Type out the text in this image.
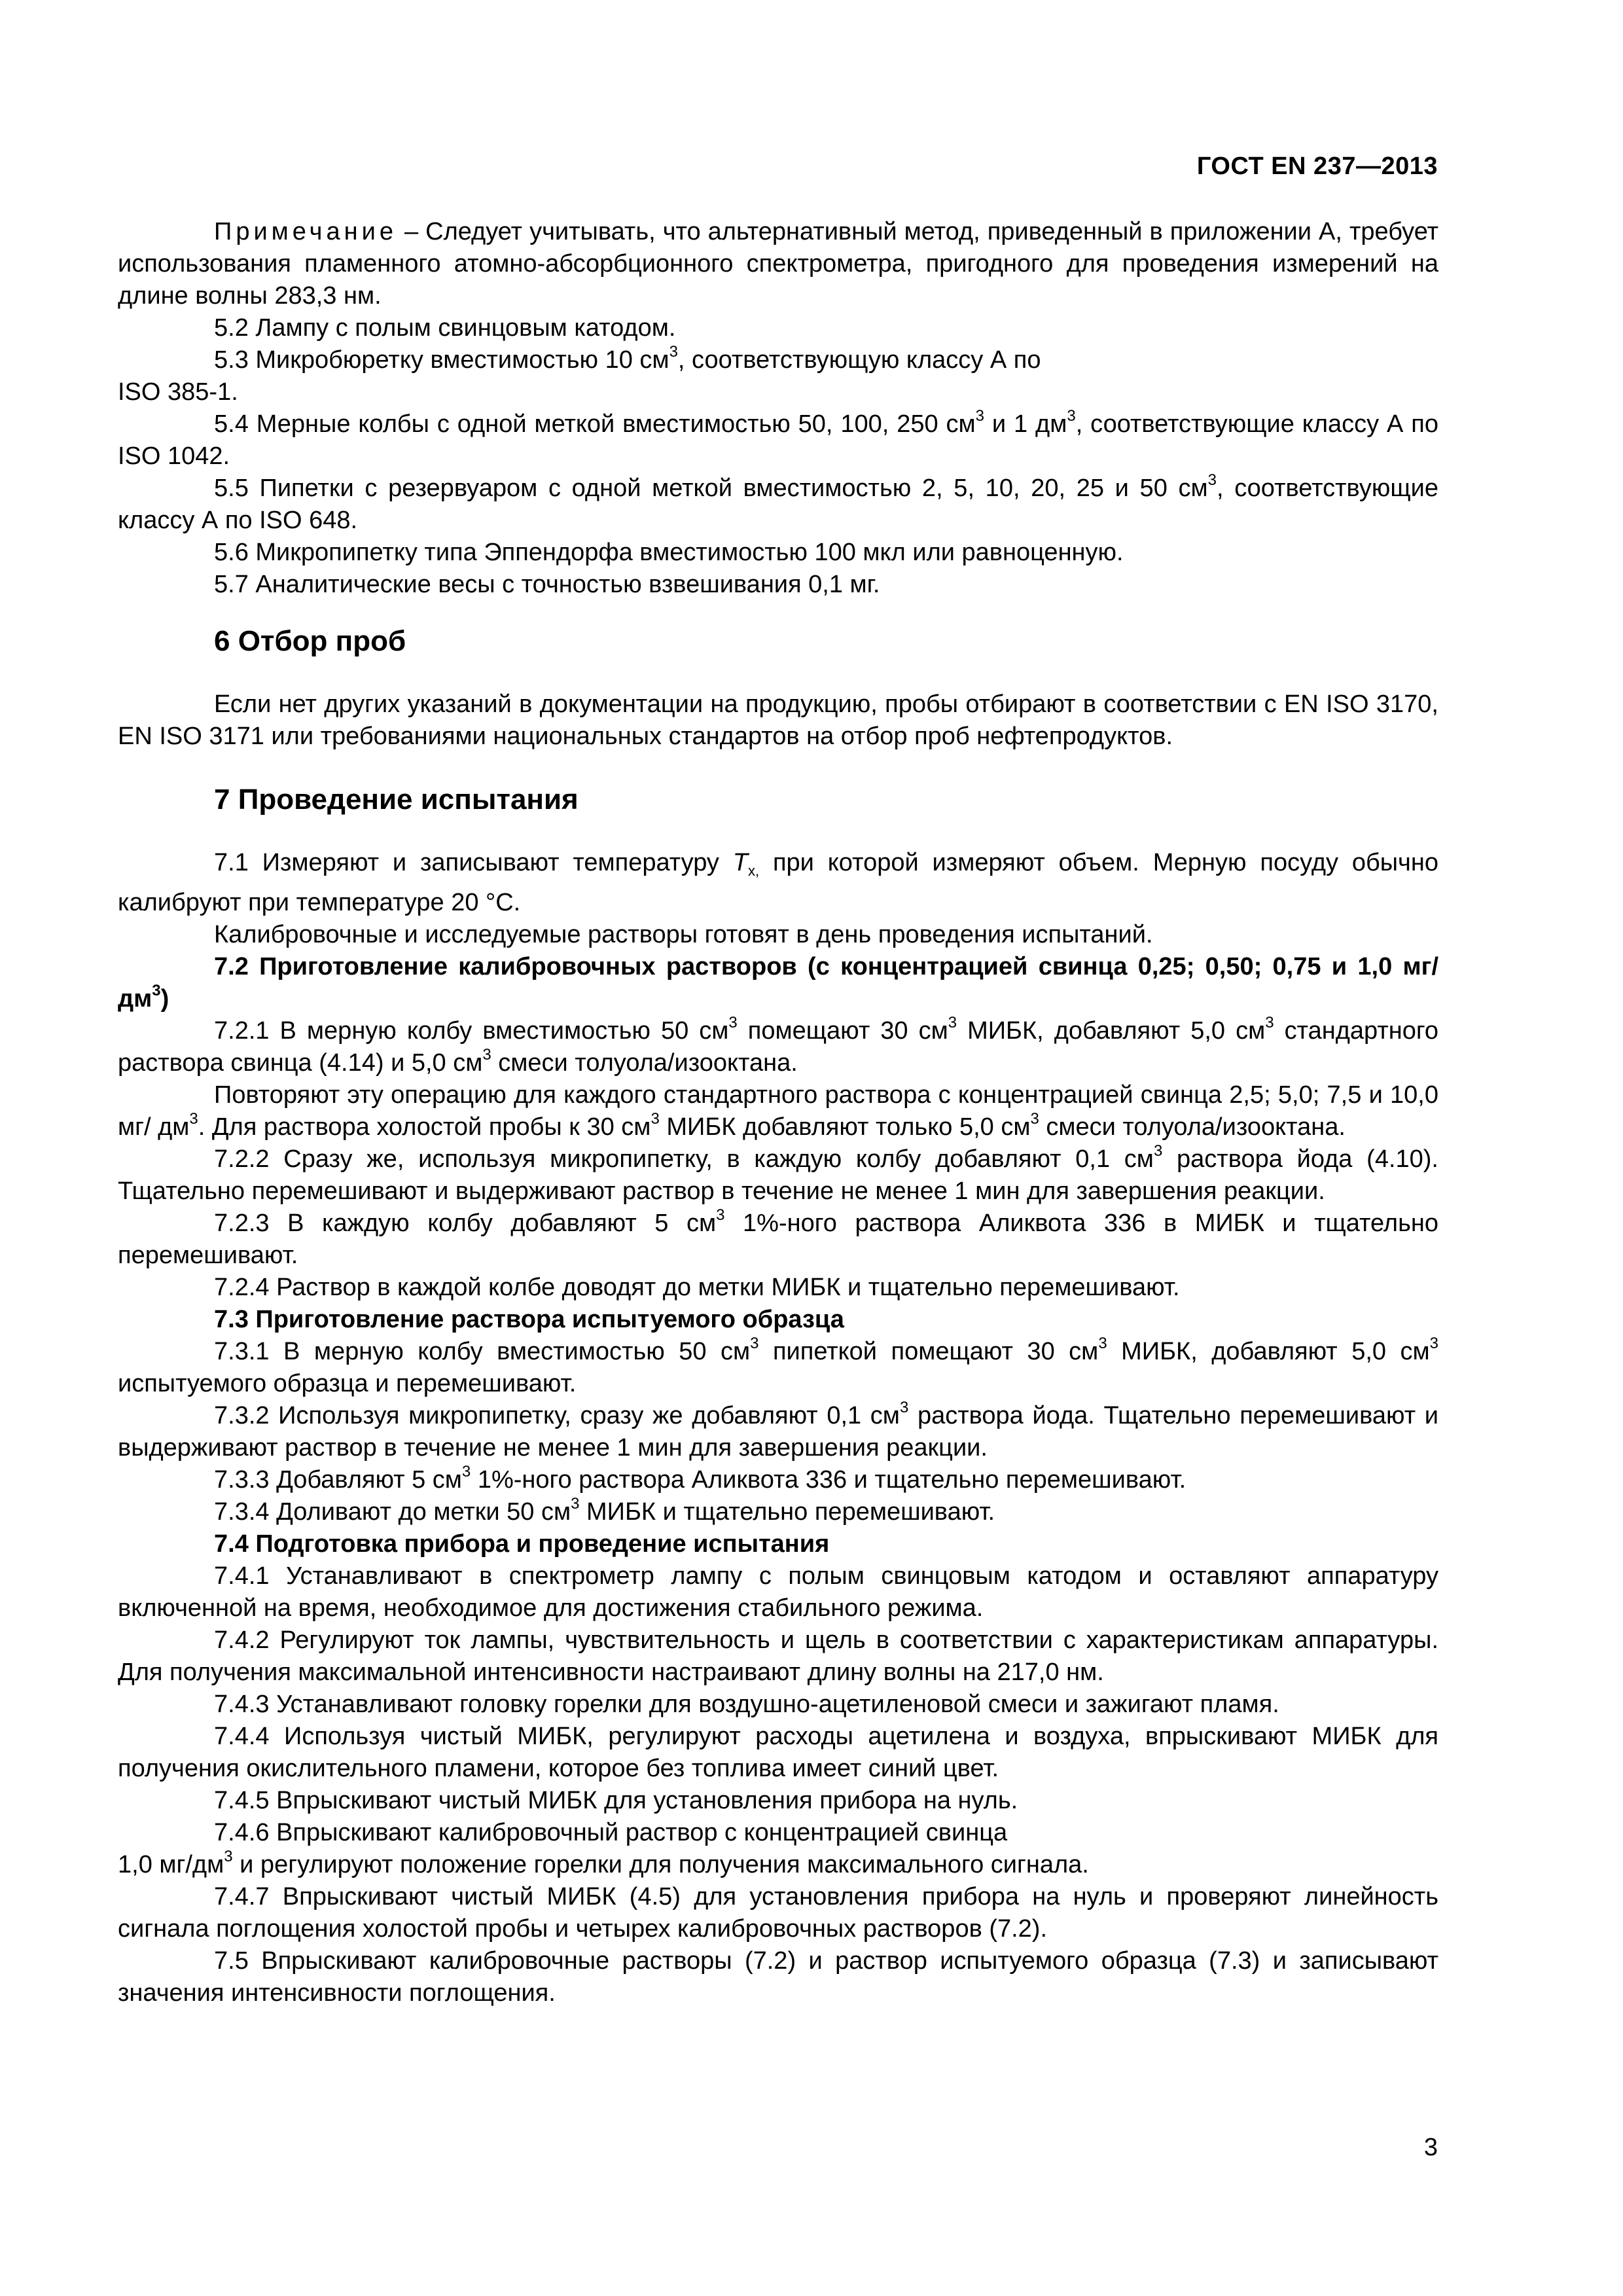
ГОСТ EN 237—2013

Примечание – Следует учитывать, что альтернативный метод, приведенный в приложении А, требует использования пламенного атомно-абсорбционного спектрометра, пригодного для проведения измерений на длине волны 283,3 нм.

5.2 Лампу с полым свинцовым катодом.

5.3 Микробюретку вместимостью 10 $см^3$, соответствующую классу А по

ISO 385-1.

5.4 Мерные колбы с одной меткой вместимостью 50, 100, 250 $см^3$ и 1 $дм^3$, соответствующие классу А по ISO 1042.

5.5 Пипетки с резервуаром с одной меткой вместимостью 2, 5, 10, 20, 25 и 50 $см^3$, соответствующие классу А по ISO 648.

5.6 Микропипетку типа Эппендорфа вместимостью 100 мкл или равноценную.

5.7 Аналитические весы с точностью взвешивания 0,1 мг.

6 Отбор проб

Если нет других указаний в документации на продукцию, пробы отбирают в соответствии с EN ISO 3170, EN ISO 3171 или требованиями национальных стандартов на отбор проб нефтепродуктов.

7 Проведение испытания

7.1 Измеряют и записывают температуру $T_{x,}$ при которой измеряют объем. Мерную посуду обычно калибруют при температуре 20 °С.

Калибровочные и исследуемые растворы готовят в день проведения испытаний.

7.2 Приготовление калибровочных растворов (с концентрацией свинца 0,25; 0,50; 0,75 и 1,0 $мг/дм^3$)

7.2.1 В мерную колбу вместимостью 50 $см^3$ помещают 30 $см^3$ МИБК, добавляют 5,0 $см^3$ стандартного раствора свинца (4.14) и 5,0 $см^3$ смеси толуола/изооктана.

Повторяют эту операцию для каждого стандартного раствора с концентрацией свинца 2,5; 5,0; 7,5 и 10,0 мг/ $дм^3$. Для раствора холостой пробы к 30 $см^3$ МИБК добавляют только 5,0 $см^3$ смеси толуола/изооктана.

7.2.2 Сразу же, используя микропипетку, в каждую колбу добавляют 0,1 $см^3$ раствора йода (4.10). Тщательно перемешивают и выдерживают раствор в течение не менее 1 мин для завершения реакции.

7.2.3 В каждую колбу добавляют 5 $см^3$ 1%-ного раствора Аликвота 336 в МИБК и тщательно перемешивают.

7.2.4 Раствор в каждой колбе доводят до метки МИБК и тщательно перемешивают.

7.3 Приготовление раствора испытуемого образца

7.3.1 В мерную колбу вместимостью 50 $см^3$ пипеткой помещают 30 $см^3$ МИБК, добавляют 5,0 $см^3$ испытуемого образца и перемешивают.

7.3.2 Используя микропипетку, сразу же добавляют 0,1 $см^3$ раствора йода. Тщательно перемешивают и выдерживают раствор в течение не менее 1 мин для завершения реакции.

7.3.3 Добавляют 5 $см^3$ 1%-ного раствора Аликвота 336 и тщательно перемешивают.

7.3.4 Доливают до метки 50 $см^3$ МИБК и тщательно перемешивают.

7.4 Подготовка прибора и проведение испытания

7.4.1 Устанавливают в спектрометр лампу с полым свинцовым катодом и оставляют аппаратуру включенной на время, необходимое для достижения стабильного режима.

7.4.2 Регулируют ток лампы, чувствительность и щель в соответствии с характеристикам аппаратуры. Для получения максимальной интенсивности настраивают длину волны на 217,0 нм.

7.4.3 Устанавливают головку горелки для воздушно-ацетиленовой смеси и зажигают пламя.

7.4.4 Используя чистый МИБК, регулируют расходы ацетилена и воздуха, впрыскивают МИБК для получения окислительного пламени, которое без топлива имеет синий цвет.

7.4.5 Впрыскивают чистый МИБК для установления прибора на нуль.

7.4.6 Впрыскивают калибровочный раствор с концентрацией свинца

1,0 $мг/дм^3$ и регулируют положение горелки для получения максимального сигнала.

7.4.7 Впрыскивают чистый МИБК (4.5) для установления прибора на нуль и проверяют линейность сигнала поглощения холостой пробы и четырех калибровочных растворов (7.2).

7.5 Впрыскивают калибровочные растворы (7.2) и раствор испытуемого образца (7.3) и записывают значения интенсивности поглощения.

3
